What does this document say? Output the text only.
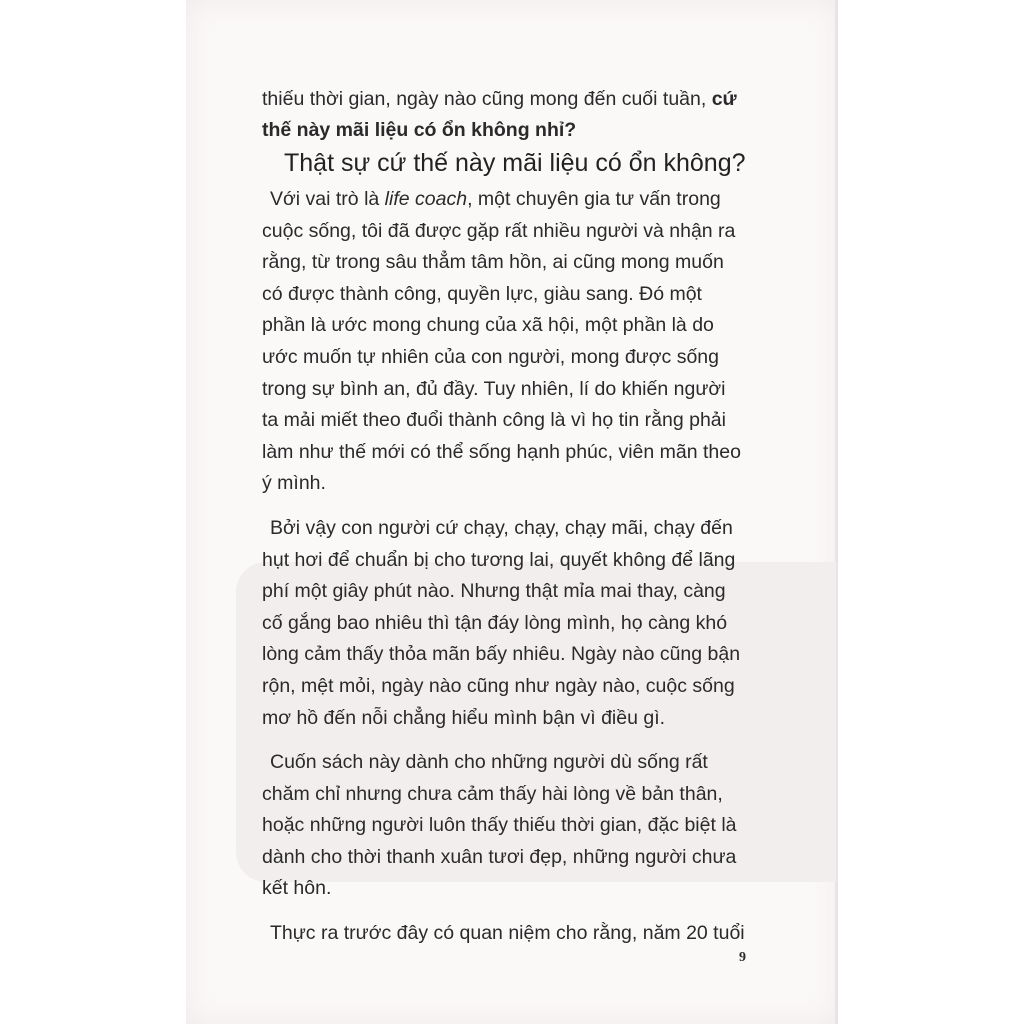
thiếu thời gian, ngày nào cũng mong đến cuối tuần, cứ
thế này mãi liệu có ổn không nhỉ?
Thật sự cứ thế này mãi liệu có ổn không?
Với vai trò là life coach, một chuyên gia tư vấn trong
cuộc sống, tôi đã được gặp rất nhiều người và nhận ra
rằng, từ trong sâu thẳm tâm hồn, ai cũng mong muốn
có được thành công, quyền lực, giàu sang. Đó một
phần là ước mong chung của xã hội, một phần là do
ước muốn tự nhiên của con người, mong được sống
trong sự bình an, đủ đầy. Tuy nhiên, lí do khiến người
ta mải miết theo đuổi thành công là vì họ tin rằng phải
làm như thế mới có thể sống hạnh phúc, viên mãn theo
ý mình.
Bởi vậy con người cứ chạy, chạy, chạy mãi, chạy đến
hụt hơi để chuẩn bị cho tương lai, quyết không để lãng
phí một giây phút nào. Nhưng thật mỉa mai thay, càng
cố gắng bao nhiêu thì tận đáy lòng mình, họ càng khó
lòng cảm thấy thỏa mãn bấy nhiêu. Ngày nào cũng bận
rộn, mệt mỏi, ngày nào cũng như ngày nào, cuộc sống
mơ hồ đến nỗi chẳng hiểu mình bận vì điều gì.
Cuốn sách này dành cho những người dù sống rất
chăm chỉ nhưng chưa cảm thấy hài lòng về bản thân,
hoặc những người luôn thấy thiếu thời gian, đặc biệt là
dành cho thời thanh xuân tươi đẹp, những người chưa
kết hôn.
Thực ra trước đây có quan niệm cho rằng, năm 20 tuổi
9
